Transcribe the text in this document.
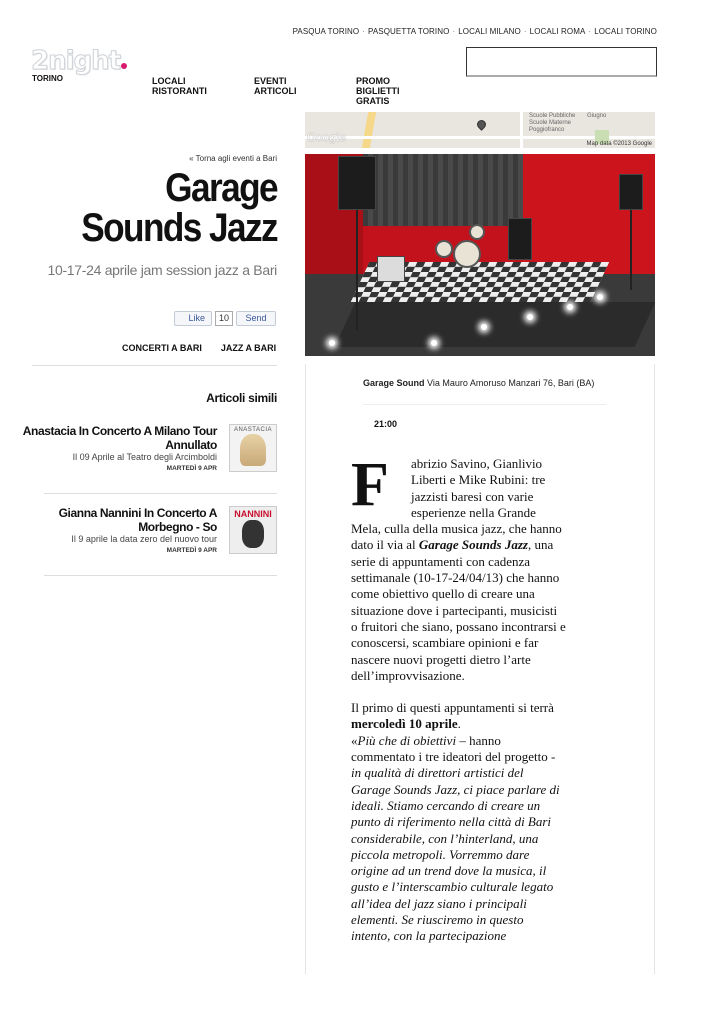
PASQUA TORINO · PASQUETTA TORINO · LOCALI MILANO · LOCALI ROMA · LOCALI TORINO
2night
TORINO	LOCALI
RISTORANTI
EVENTI
ARTICOLI
PROMO
BIGLIETTI
GRATIS
Scuole Pubbliche
Scuole Materne
Poggiofranco
Giugno
Google	Map data ©2013 Google
« Torna agli eventi a Bari
Garage
Sounds Jazz
10-17-24 aprile jam session jazz a Bari
Like	10	Send
CONCERTI A BARI JAZZ A BARI
Articoli simili
Anastacia In Concerto A Milano Tour Annullato
Il 09 Aprile al Teatro degli Arcimboldi
MARTEDÌ 9 APR
ANASTACIA
Gianna Nannini In Concerto A Morbegno - So
Il 9 aprile la data zero del nuovo tour
MARTEDÌ 9 APR
NANNINI
Garage Sound Via Mauro Amoruso Manzari 76, Bari (BA)
21:00

F	abrizio Savino, Gianlivio Liberti e Mike Rubini: tre jazzisti baresi con varie esperienze nella Grande Mela, culla della musica jazz, che hanno dato il via al Garage Sounds Jazz, una serie di appuntamenti con cadenza settimanale (10-17-24/04/13) che hanno come obiettivo quello di creare una situazione dove i partecipanti, musicisti o fruitori che siano, possano incontrarsi e conoscersi, scambiare opinioni e far nascere nuovi progetti dietro l’arte dell’improvvisazione.

Il primo di questi appuntamenti si terrà mercoledì 10 aprile.
«Più che di obiettivi – hanno commentato i tre ideatori del progetto - in qualità di direttori artistici del Garage Sounds Jazz, ci piace parlare di ideali. Stiamo cercando di creare un punto di riferimento nella città di Bari considerabile, con l’hinterland, una piccola metropoli. Vorremmo dare origine ad un trend dove la musica, il gusto e l’interscambio culturale legato all’idea del jazz siano i principali elementi. Se riusciremo in questo intento, con la partecipazione
